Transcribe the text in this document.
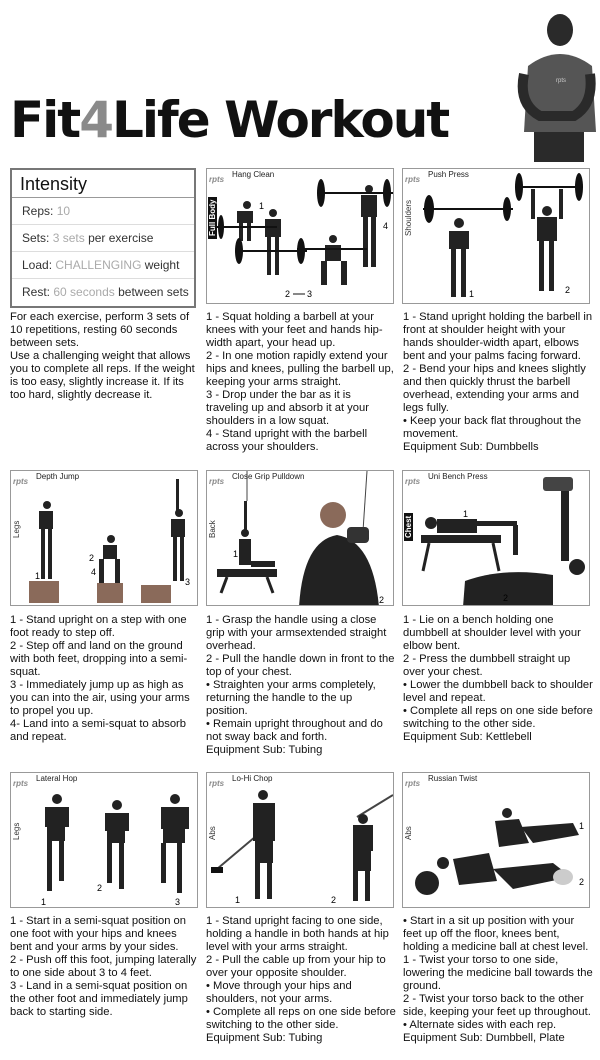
Fit4Life Workout
rpts
Intensity
Reps: 10
Sets: 3 sets per exercise
Load: CHALLENGING weight
Rest: 60 seconds between sets

For each exercise, perform 3 sets of 10 repetitions, resting 60 seconds between sets.

Use a challenging weight that allows you to complete all reps. If the weight is too easy, slightly increase it. If its too hard, slightly decrease it.

1
2 3
4
rpts
Hang Clean
Full Body

1 - Squat holding a barbell at your knees with your feet and hands hip-width apart, your head up.

2 - In one motion rapidly extend your hips and knees, pulling the barbell up, keeping your arms straight.

3 - Drop under the bar as it is traveling up and absorb it at your shoulders in a low squat.

4 - Stand upright with the barbell across your shoulders.

1	2
rpts
Push Press
Shoulders

1 - Stand upright holding the barbell in front at shoulder height with your hands shoulder-width apart, elbows bent and your palms facing forward.

2 - Bend your hips and knees slightly and then quickly thrust the barbell overhead, extending your arms and legs fully.

• Keep your back flat throughout the movement.

Equipment Sub: Dumbbells

1
2
3
4
rpts
Depth Jump
Legs

1 - Stand upright on a step with one foot ready to step off.

2 - Step off and land on the ground with both feet, dropping into a semi-squat.

3 - Immediately jump up as high as you can into the air, using your arms to propel you up.

4- Land into a semi-squat to absorb and repeat.

1
2
rpts
Close Grip Pulldown
Back

1 - Grasp the handle using a close grip with your armsextended straight overhead.

2 - Pull the handle down in front to the top of your chest.

• Straighten your arms completely, returning the handle to the up position.

• Remain upright throughout and do not sway back and forth.

Equipment Sub: Tubing

1
2
rpts
Uni Bench Press
Chest

1 - Lie on a bench holding one dumbbell at shoulder level with your elbow bent.

2 - Press the dumbbell straight up over your chest.

• Lower the dumbbell back to shoulder level and repeat.

• Complete all reps on one side before switching to the other side.

Equipment Sub: Kettlebell

1
2
3
rpts
Lateral Hop
Legs

1 - Start in a semi-squat position on one foot with your hips and knees bent and your arms by your sides.

2 - Push off this foot, jumping laterally to one side about 3 to 4 feet.

3 - Land in a semi-squat position on the other foot and immediately jump back to starting side.

1	2
rpts
Lo-Hi Chop
Abs

1 - Stand upright facing to one side, holding a handle in both hands at hip level with your arms straight.

2 - Pull the cable up from your hip to over your opposite shoulder.

• Move through your hips and shoulders, not your arms.

• Complete all reps on one side before switching to the other side.

Equipment Sub: Tubing

1
2
rpts
Russian Twist
Abs

• Start in a sit up position with your feet up off the floor, knees bent, holding a medicine ball at chest level.

1 - Twist your torso to one side, lowering the medicine ball towards the ground.

2 - Twist your torso back to the other side, keeping your feet up throughout.

• Alternate sides with each rep.

Equipment Sub: Dumbbell, Plate
